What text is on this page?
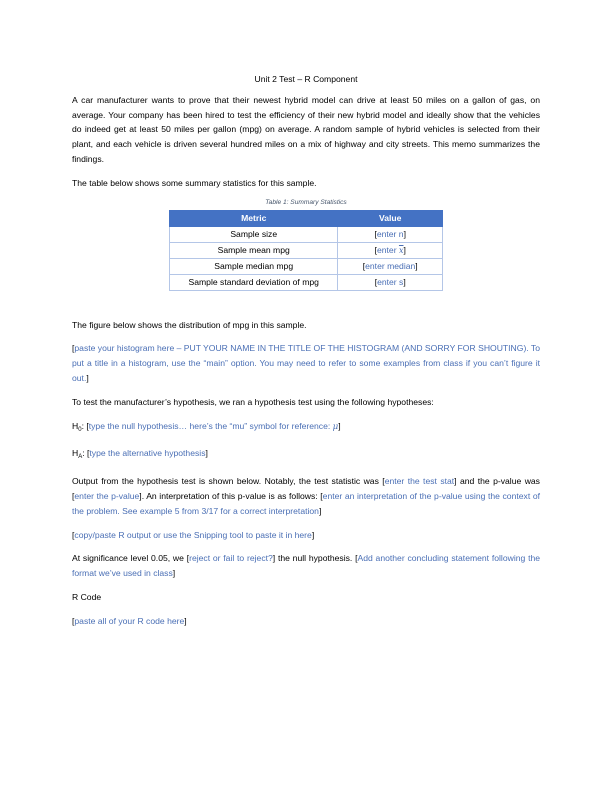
Unit 2 Test – R Component

A car manufacturer wants to prove that their newest hybrid model can drive at least 50 miles on a gallon of gas, on average. Your company has been hired to test the efficiency of their new hybrid model and ideally show that the vehicles do indeed get at least 50 miles per gallon (mpg) on average. A random sample of hybrid vehicles is selected from their plant, and each vehicle is driven several hundred miles on a mix of highway and city streets. This memo summarizes the findings.

The table below shows some summary statistics for this sample.

Table 1: Summary Statistics
Metric	Value
Sample size	[enter n]
Sample mean mpg	[enter $\overline{x}$]
Sample median mpg	[enter median]
Sample standard deviation of mpg	[enter s]

The figure below shows the distribution of mpg in this sample.

[paste your histogram here – PUT YOUR NAME IN THE TITLE OF THE HISTOGRAM (AND SORRY FOR SHOUTING). To put a title in a histogram, use the “main” option. You may need to refer to some examples from class if you can’t figure it out.]

To test the manufacturer’s hypothesis, we ran a hypothesis test using the following hypotheses:

$H_0$: [type the null hypothesis… here’s the “mu” symbol for reference: μ]

$H_A$: [type the alternative hypothesis]

Output from the hypothesis test is shown below. Notably, the test statistic was [enter the test stat] and the p-value was [enter the p-value]. An interpretation of this p-value is as follows: [enter an interpretation of the p-value using the context of the problem. See example 5 from 3/17 for a correct interpretation]

[copy/paste R output or use the Snipping tool to paste it in here]

At significance level 0.05, we [reject or fail to reject?] the null hypothesis. [Add another concluding statement following the format we’ve used in class]

R Code

[paste all of your R code here]
